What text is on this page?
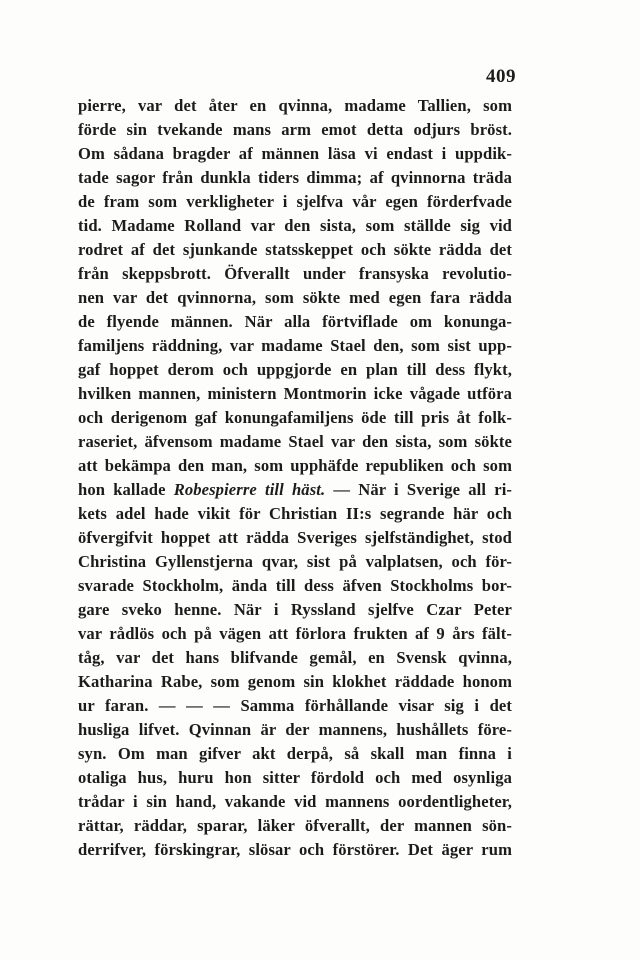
409
pierre, var det åter en qvinna, madame Tallien, som
förde sin tvekande mans arm emot detta odjurs bröst.
Om sådana bragder af männen läsa vi endast i uppdik-
tade sagor från dunkla tiders dimma; af qvinnorna träda
de fram som verkligheter i sjelfva vår egen förderfvade
tid. Madame Rolland var den sista, som ställde sig vid
rodret af det sjunkande statsskeppet och sökte rädda det
från skeppsbrott. Öfverallt under fransyska revolutio-
nen var det qvinnorna, som sökte med egen fara rädda
de flyende männen. När alla förtviflade om konunga-
familjens räddning, var madame Stael den, som sist upp-
gaf hoppet derom och uppgjorde en plan till dess flykt,
hvilken mannen, ministern Montmorin icke vågade utföra
och derigenom gaf konungafamiljens öde till pris åt folk-
raseriet, äfvensom madame Stael var den sista, som sökte
att bekämpa den man, som upphäfde republiken och som
hon kallade Robespierre till häst. — När i Sverige all ri-
kets adel hade vikit för Christian II:s segrande här och
öfvergifvit hoppet att rädda Sveriges sjelfständighet, stod
Christina Gyllenstjerna qvar, sist på valplatsen, och för-
svarade Stockholm, ända till dess äfven Stockholms bor-
gare sveko henne. När i Ryssland sjelfve Czar Peter
var rådlös och på vägen att förlora frukten af 9 års fält-
tåg, var det hans blifvande gemål, en Svensk qvinna,
Katharina Rabe, som genom sin klokhet räddade honom
ur faran. — — — Samma förhållande visar sig i det
husliga lifvet. Qvinnan är der mannens, hushållets före-
syn. Om man gifver akt derpå, så skall man finna i
otaliga hus, huru hon sitter fördold och med osynliga
trådar i sin hand, vakande vid mannens oordentligheter,
rättar, räddar, sparar, läker öfverallt, der mannen sön-
derrifver, förskingrar, slösar och förstörer. Det äger rum
